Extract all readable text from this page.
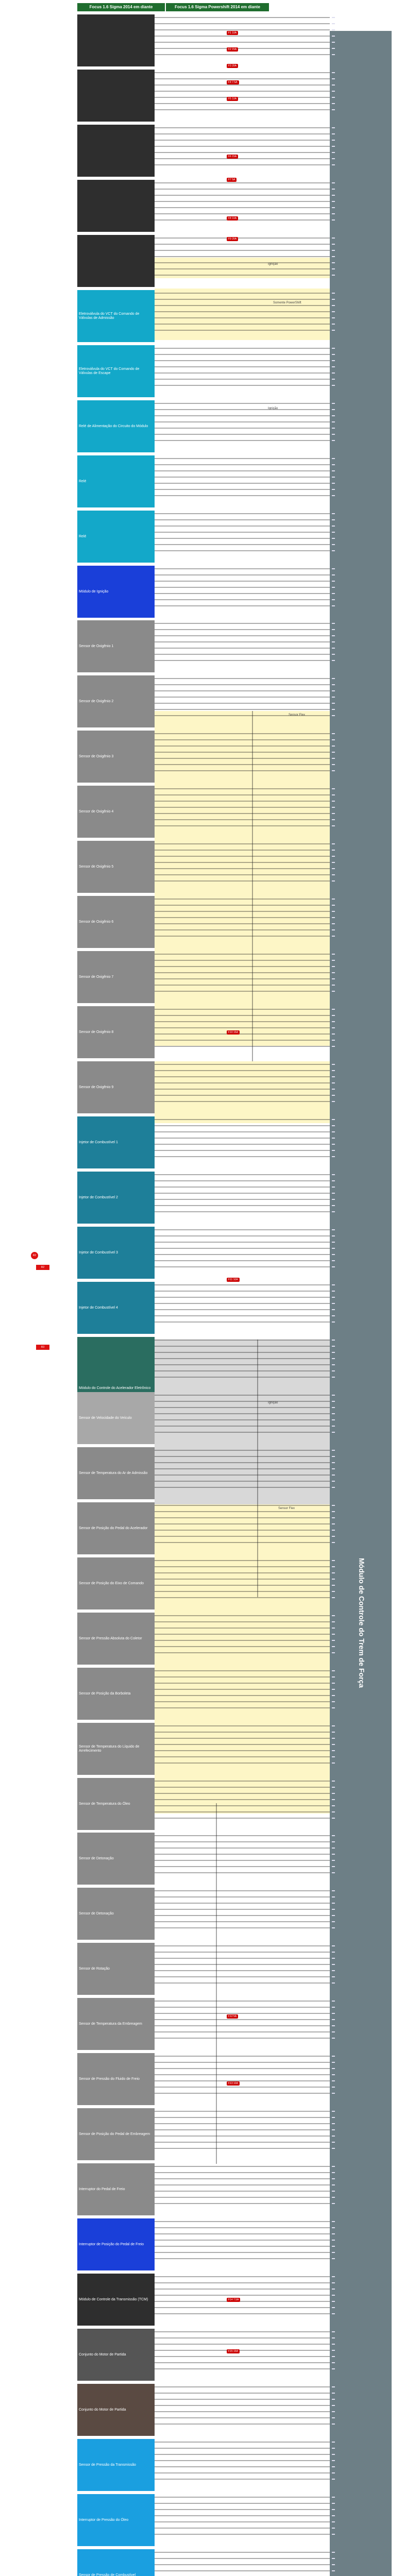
Focus 1.6 Sigma 2014 em diante	Focus 1.6 Sigma Powershift 2014 em diante
Módulo de Controle do Trem de Força
Eletroválvula do VCT do Comando de Válvulas de Admissão
Eletroválvula do VCT do Comando de Válvulas de Escape
Relé de Alimentação do Circuito do Módulo
Relé
Relé
Módulo de Ignição
Sensor de Oxigênio 1
Sensor de Oxigênio 2
Sensor de Oxigênio 3
Sensor de Oxigênio 4
Sensor de Oxigênio 5
Sensor de Oxigênio 6
Sensor de Oxigênio 7
Sensor de Oxigênio 8
Sensor de Oxigênio 9
Injetor de Combustível 1
Injetor de Combustível 2
Injetor de Combustível 3
Injetor de Combustível 4
Módulo do Controle do Acelerador Eletrônico
Sensor de Velocidade do Veículo
Sensor de Temperatura do Ar de Admissão
Sensor de Posição do Pedal do Acelerador
Sensor de Posição do Eixo de Comando
Sensor de Pressão Absoluta do Coletor
Sensor de Posição da Borboleta
Sensor de Temperatura do Líquido de Arrefecimento
Sensor de Temperatura do Óleo
Sensor de Detonação
Sensor de Detonação
Sensor de Rotação
Sensor de Temperatura da Embreagem
Sensor de Pressão do Fluido de Freio
Sensor de Posição do Pedal de Embreagem
Interruptor do Pedal de Freio
Interruptor de Posição do Pedal de Freio
Módulo de Controle da Transmissão (TCM)
Conjunto do Motor de Partida
Conjunto do Motor de Partida
Sensor de Pressão da Transmissão
Interruptor de Pressão do Óleo
Sensor de Pressão de Combustível
Ignição
Somente PowerShift
Ignição
Sensor Flex
Ignição
Sensor Flex
R2
R2
R3
F1 10A
F2 15A
F3 20A
F4 7.5A
F5 10A
F6 15A
F7 5A
F8 10A
F9 20A
F10 15A
F11 10A
F12 5A
F13 10A
F14 7.5A
F15 15A
